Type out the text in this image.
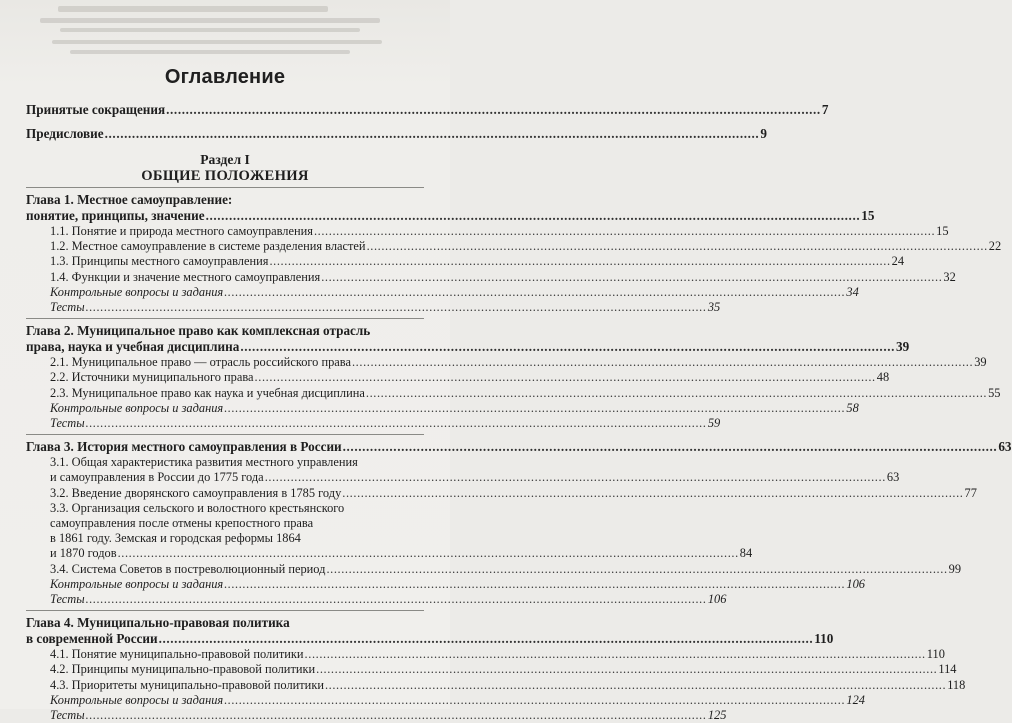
Оглавление
Принятые сокращения .....	7
Предисловие .....	9
Раздел I
ОБЩИЕ ПОЛОЖЕНИЯ
Глава 1. Местное самоуправление:
понятие, принципы, значение .....	15
1.1. Понятие и природа местного самоуправления .....	15
1.2. Местное самоуправление в системе разделения властей .....	22
1.3. Принципы местного самоуправления .....	24
1.4. Функции и значение местного самоуправления .....	32
Контрольные вопросы и задания .....	34
Тесты .....	35
Глава 2. Муниципальное право как комплексная отрасль
права, наука и учебная дисциплина .....	39
2.1. Муниципальное право — отрасль российского права .....	39
2.2. Источники муниципального права .....	48
2.3. Муниципальное право как наука и учебная дисциплина .....	55
Контрольные вопросы и задания .....	58
Тесты .....	59
Глава 3. История местного самоуправления в России .....	63
3.1. Общая характеристика развития местного управления
и самоуправления в России до 1775 года .....	63
3.2. Введение дворянского самоуправления в 1785 году .....	77
3.3. Организация сельского и волостного крестьянского
самоуправления после отмены крепостного права
в 1861 году. Земская и городская реформы 1864
и 1870 годов .....	84
3.4. Система Советов в постреволюционный период .....	99
Контрольные вопросы и задания .....	106
Тесты .....	106
Глава 4. Муниципально-правовая политика
в современной России .....	110
4.1. Понятие муниципально-правовой политики .....	110
4.2. Принципы муниципально-правовой политики .....	114
4.3. Приоритеты муниципально-правовой политики .....	118
Контрольные вопросы и задания .....	124
Тесты .....	125
